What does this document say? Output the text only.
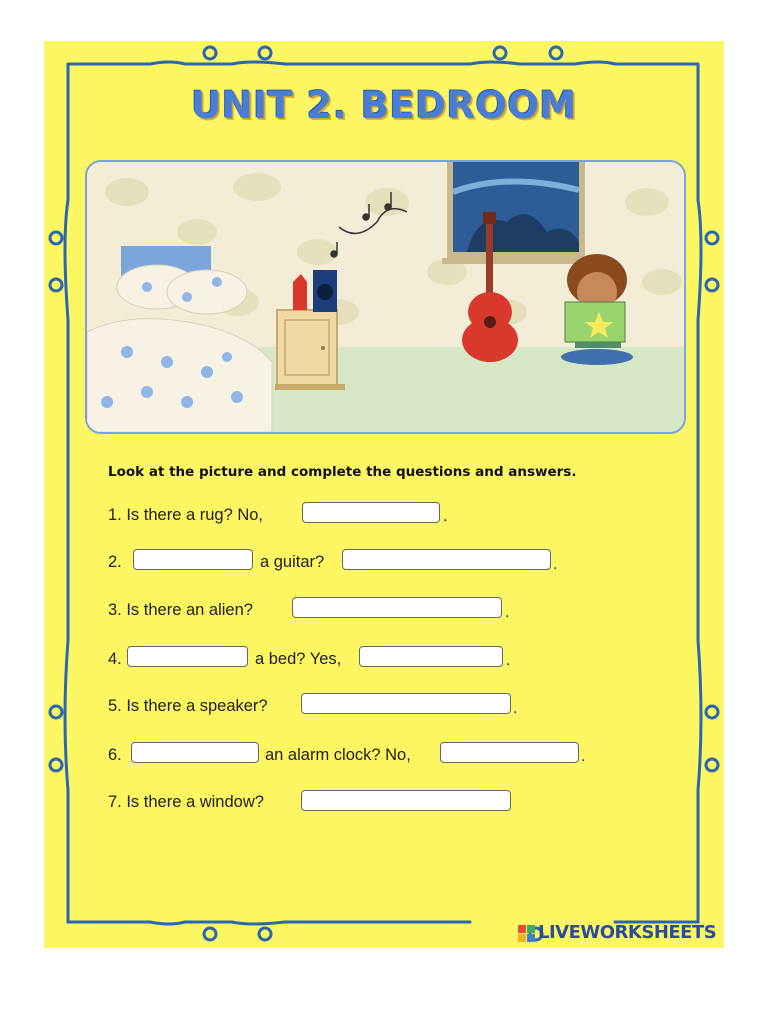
UNIT 2. BEDROOM
Look at the picture and complete the questions and answers.
1. Is there a rug? No,	.
2.	a guitar?	.
3. Is there an alien?	.
4.	a bed? Yes,	.
5. Is there a speaker?	.
6.	an alarm clock? No,	.
7. Is there a window?
LIVEWORKSHEETS
